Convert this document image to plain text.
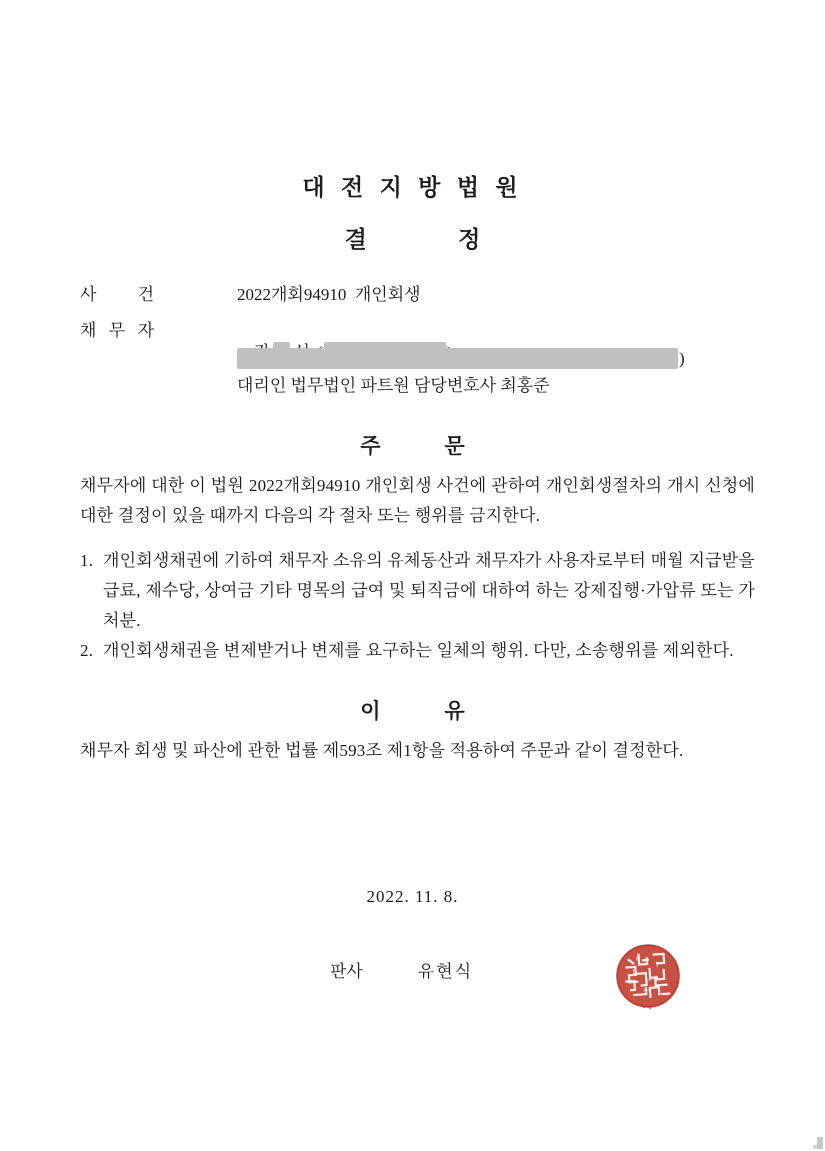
대 전 지 방 법 원
결 정
사 건	2022개회94910  개인회생
채 무 자

)
대리인 법무법인 파트원 담당변호사 최홍준
주 문
채무자에 대한 이 법원 2022개회94910 개인회생 사건에 관하여 개인회생절차의 개시 신청에 대한 결정이 있을 때까지 다음의 각 절차 또는 행위를 금지한다.
1. 개인회생채권에 기하여 채무자 소유의 유체동산과 채무자가 사용자로부터 매월 지급받을 급료, 제수당, 상여금 기타 명목의 급여 및 퇴직금에 대하여 하는 강제집행·가압류 또는 가처분.
2. 개인회생채권을 변제받거나 변제를 요구하는 일체의 행위. 다만, 소송행위를 제외한다.
이 유
채무자 회생 및 파산에 관한 법률 제593조 제1항을 적용하여 주문과 같이 결정한다.
2022. 11. 8.
판사	유현식
